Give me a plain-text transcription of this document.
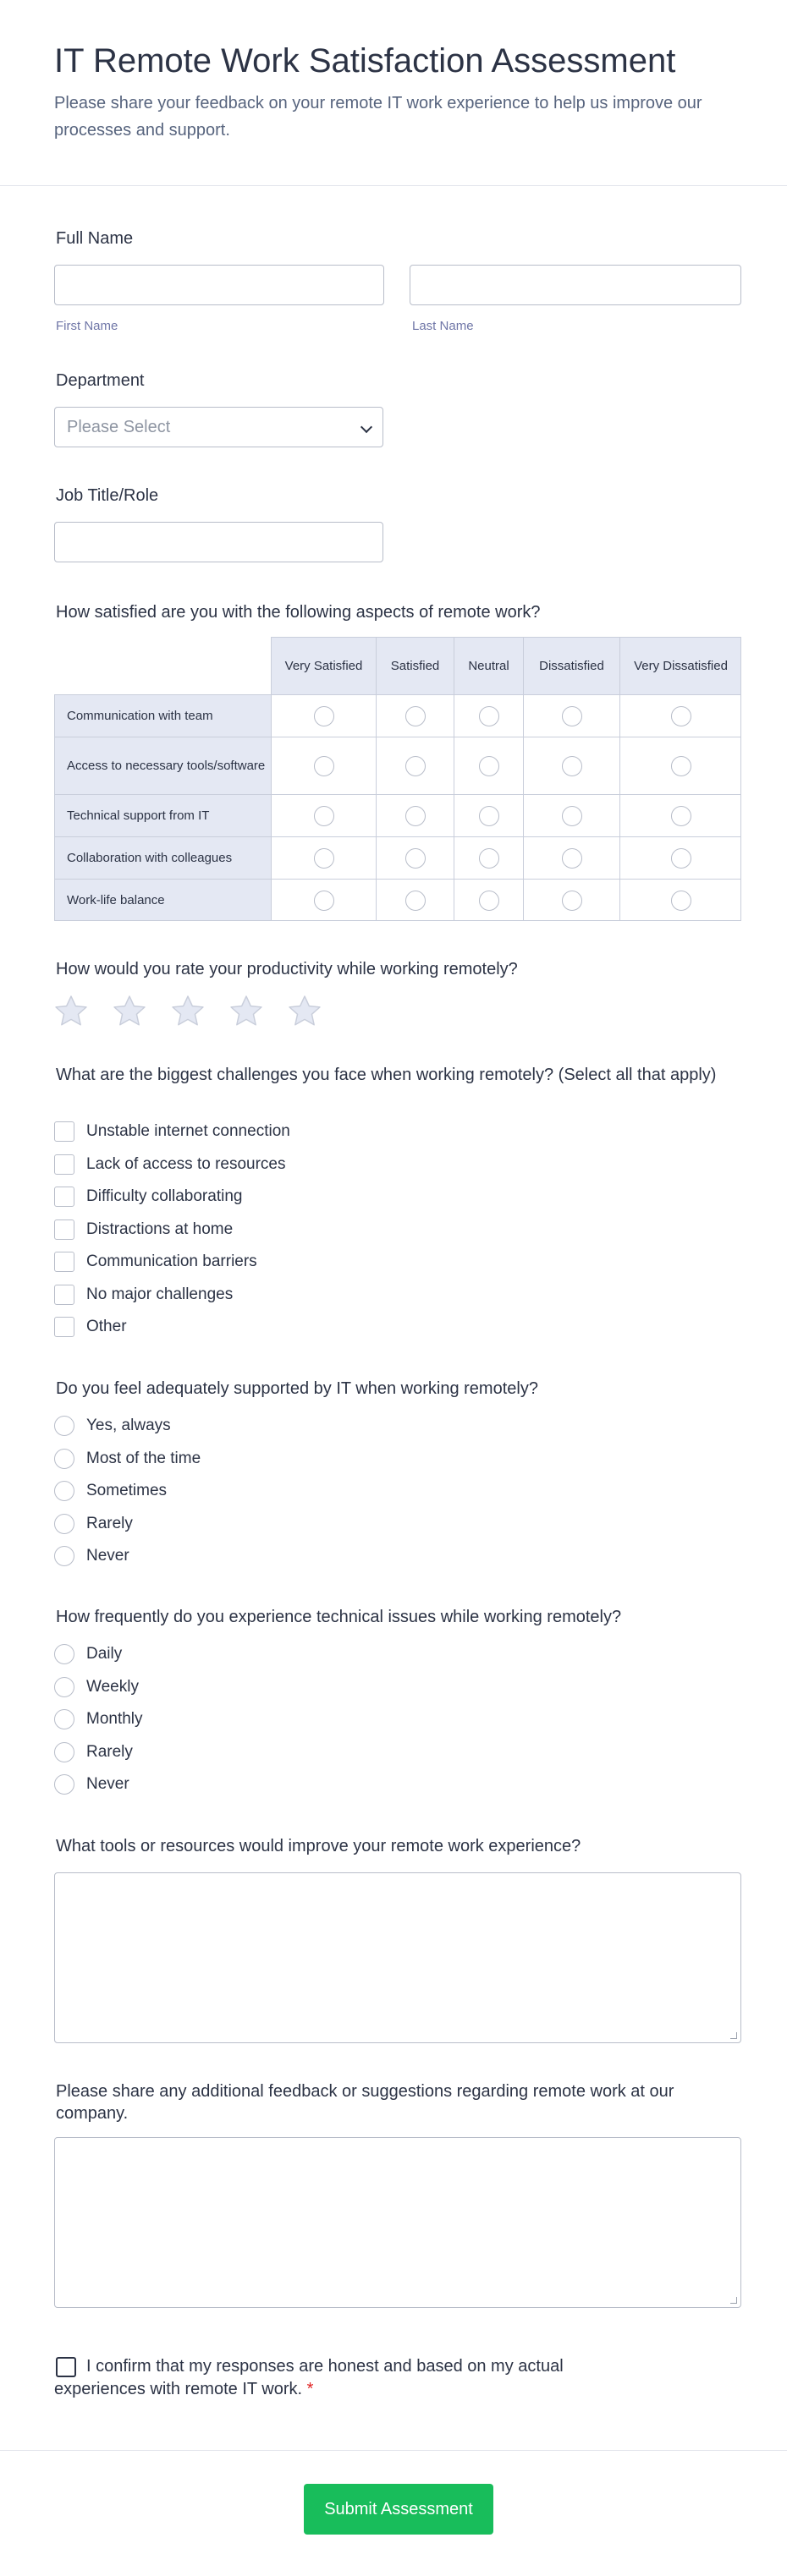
IT Remote Work Satisfaction Assessment
Please share your feedback on your remote IT work experience to help us improve our processes and support.
Full Name
First Name	Last Name
Department
Please Select
Job Title/Role
How satisfied are you with the following aspects of remote work?
Very Satisfied Satisfied Neutral Dissatisfied Very Dissatisfied
Communication with team
Access to necessary tools/software
Technical support from IT
Collaboration with colleagues
Work-life balance
How would you rate your productivity while working remotely?
What are the biggest challenges you face when working remotely? (Select all that apply)
Unstable internet connection
Lack of access to resources
Difficulty collaborating
Distractions at home
Communication barriers
No major challenges
Other
Do you feel adequately supported by IT when working remotely?
Yes, always
Most of the time
Sometimes
Rarely
Never
How frequently do you experience technical issues while working remotely?
Daily
Weekly
Monthly
Rarely
Never
What tools or resources would improve your remote work experience?
Please share any additional feedback or suggestions regarding remote work at our company.
I confirm that my responses are honest and based on my actual experiences with remote IT work. *
Submit Assessment
